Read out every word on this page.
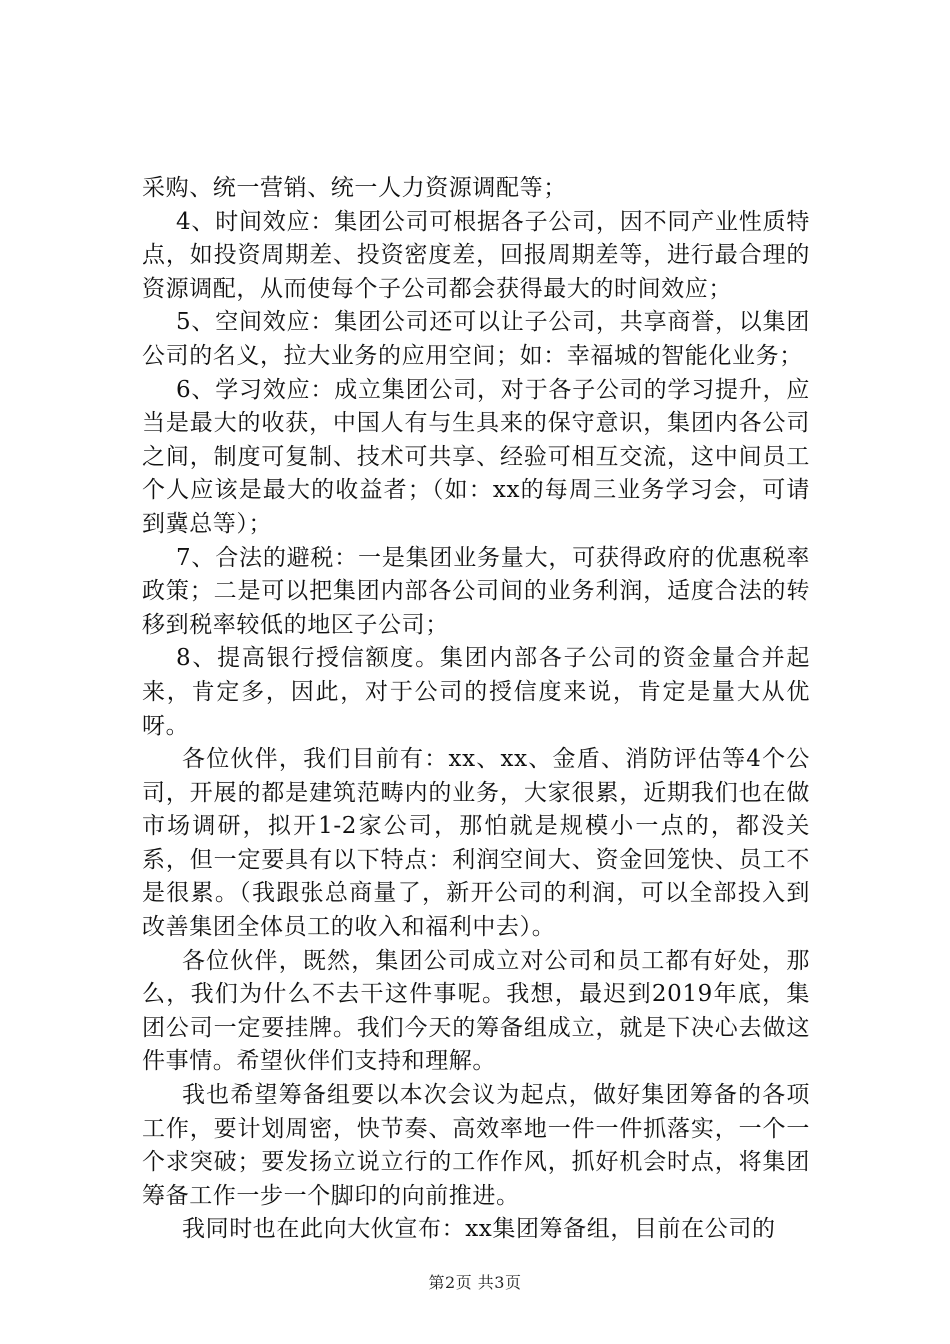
采购、统一营销、统一人力资源调配等；

4、时间效应：集团公司可根据各子公司，因不同产业性质特点，如投资周期差、投资密度差，回报周期差等，进行最合理的资源调配，从而使每个子公司都会获得最大的时间效应；

5、空间效应：集团公司还可以让子公司，共享商誉，以集团公司的名义，拉大业务的应用空间；如：幸福城的智能化业务；

6、学习效应：成立集团公司，对于各子公司的学习提升，应当是最大的收获，中国人有与生具来的保守意识，集团内各公司之间，制度可复制、技术可共享、经验可相互交流，这中间员工个人应该是最大的收益者；（如：xx的每周三业务学习会，可请到冀总等）；

7、合法的避税：一是集团业务量大，可获得政府的优惠税率政策；二是可以把集团内部各公司间的业务利润，适度合法的转移到税率较低的地区子公司；

8、提高银行授信额度。集团内部各子公司的资金量合并起来，肯定多，因此，对于公司的授信度来说，肯定是量大从优呀。

各位伙伴，我们目前有：xx、xx、金盾、消防评估等4个公司，开展的都是建筑范畴内的业务，大家很累，近期我们也在做市场调研，拟开1-2家公司，那怕就是规模小一点的，都没关系，但一定要具有以下特点：利润空间大、资金回笼快、员工不是很累。（我跟张总商量了，新开公司的利润，可以全部投入到改善集团全体员工的收入和福利中去）。

各位伙伴，既然，集团公司成立对公司和员工都有好处，那么，我们为什么不去干这件事呢。我想，最迟到2019年底，集团公司一定要挂牌。我们今天的筹备组成立，就是下决心去做这件事情。希望伙伴们支持和理解。

我也希望筹备组要以本次会议为起点，做好集团筹备的各项工作，要计划周密，快节奏、高效率地一件一件抓落实，一个一个求突破；要发扬立说立行的工作作风，抓好机会时点，将集团筹备工作一步一个脚印的向前推进。

我同时也在此向大伙宣布：xx集团筹备组，目前在公司的

第2页 共3页
